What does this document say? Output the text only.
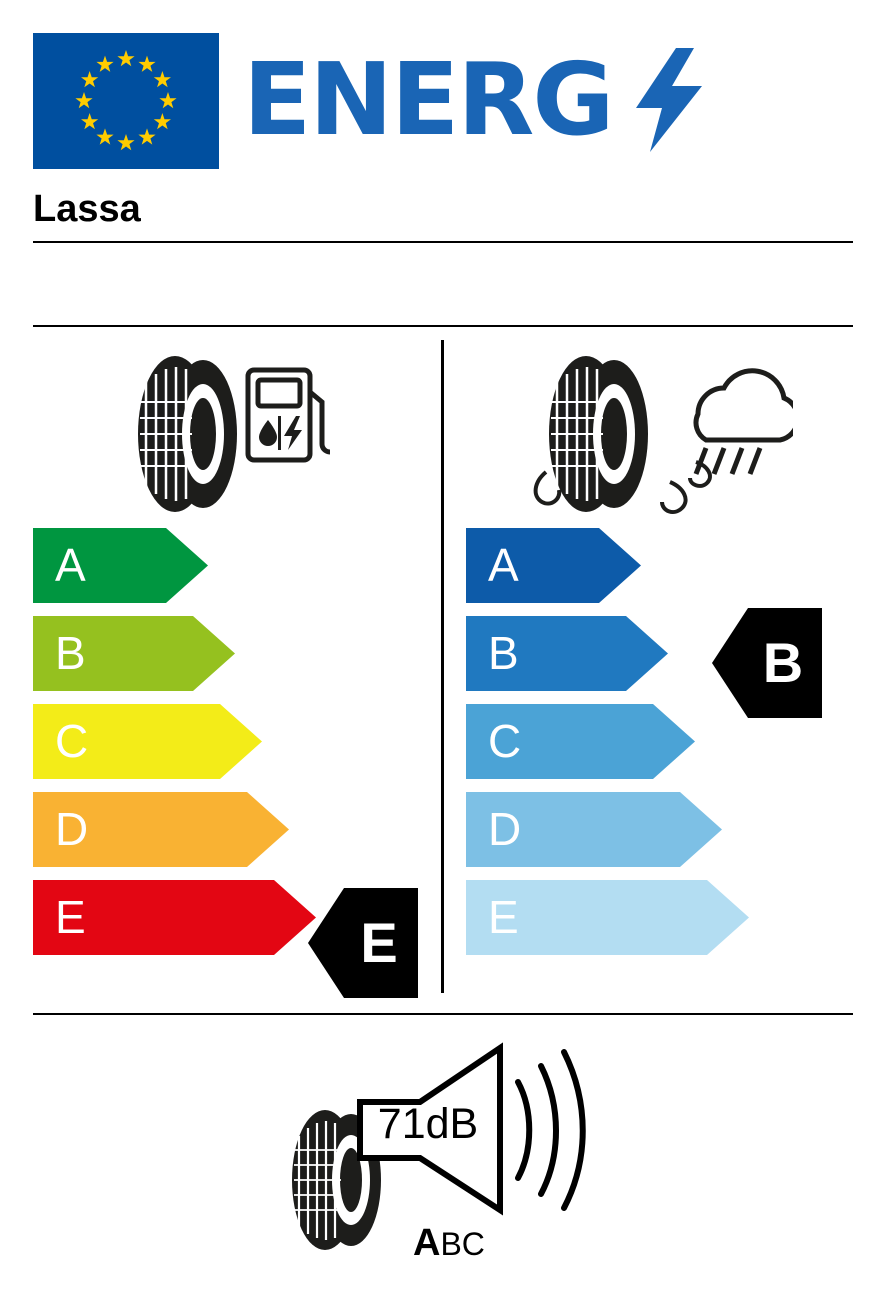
ENERG
Lassa
A
B
C
D
E	E
A
B
C
D
E
B
71dB
ABC
